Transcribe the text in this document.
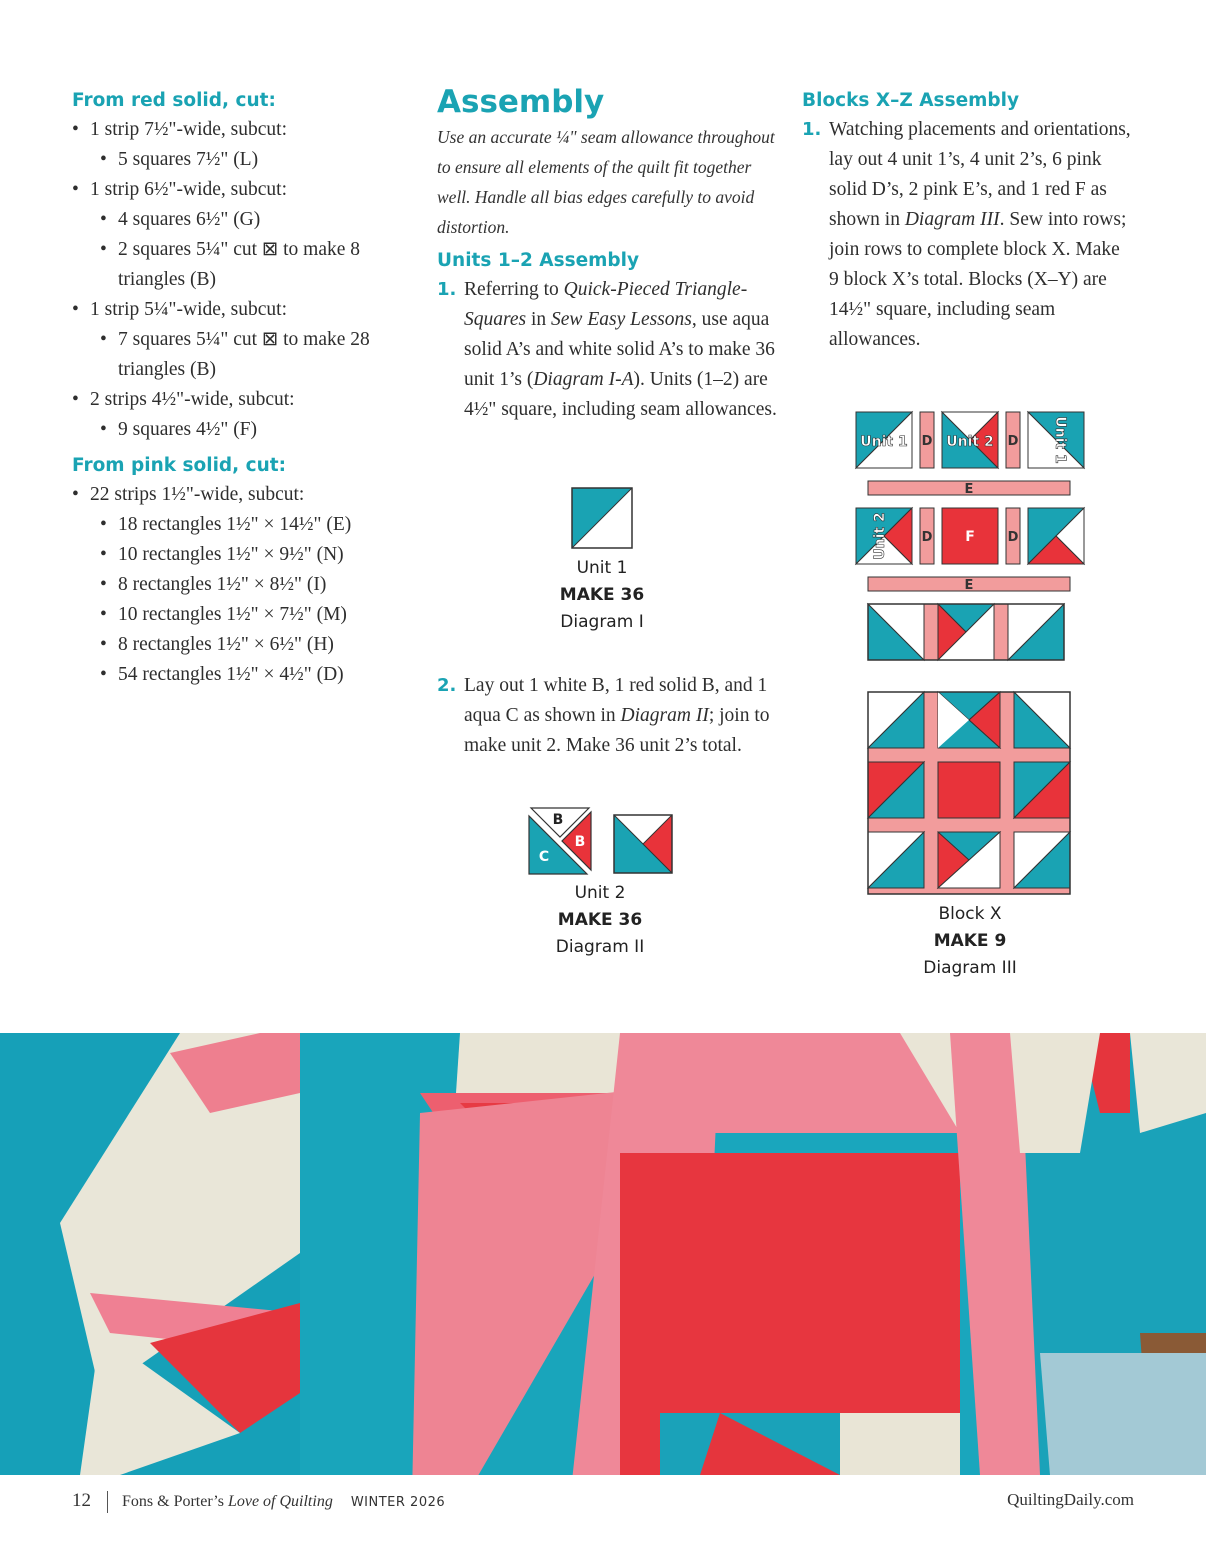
From red solid, cut:
• 1 strip 7½"-wide, subcut:
• 5 squares 7½" (L)
• 1 strip 6½"-wide, subcut:
• 4 squares 6½" (G)
• 2 squares 5¼" cut ⊠ to make 8 triangles (B)
• 1 strip 5¼"-wide, subcut:
• 7 squares 5¼" cut ⊠ to make 28 triangles (B)
• 2 strips 4½"-wide, subcut:
• 9 squares 4½" (F)
From pink solid, cut:
• 22 strips 1½"-wide, subcut:
• 18 rectangles 1½" × 14½" (E)
• 10 rectangles 1½" × 9½" (N)
• 8 rectangles 1½" × 8½" (I)
• 10 rectangles 1½" × 7½" (M)
• 8 rectangles 1½" × 6½" (H)
• 54 rectangles 1½" × 4½" (D)
Assembly
Use an accurate ¼" seam allowance throughout to ensure all elements of the quilt fit together well. Handle all bias edges carefully to avoid distortion.
Units 1–2 Assembly
1. Referring to Quick-Pieced Triangle-Squares in Sew Easy Lessons, use aqua solid A’s and white solid A’s to make 36 unit 1’s (Diagram I-A). Units (1–2) are 4½" square, including seam allowances.
Unit 1
MAKE 36
Diagram I
2. Lay out 1 white B, 1 red solid B, and 1 aqua C as shown in Diagram II; join to make unit 2. Make 36 unit 2’s total.
B
B
C
Unit 2
MAKE 36
Diagram II
Blocks X–Z Assembly
1. Watching placements and orientations, lay out 4 unit 1’s, 4 unit 2’s, 6 pink solid D’s, 2 pink E’s, and 1 red F as shown in Diagram III. Sew into rows; join rows to complete block X. Make 9 block X’s total. Blocks (X–Y) are 14½" square, including seam allowances.
Unit 1	Unit 2	Unit 1
Unit 2
D	D
E
D	D
E
F
Block X
MAKE 9
Diagram III
12 Fons & Porter’s Love of Quilting WINTER 2026	QuiltingDaily.com
